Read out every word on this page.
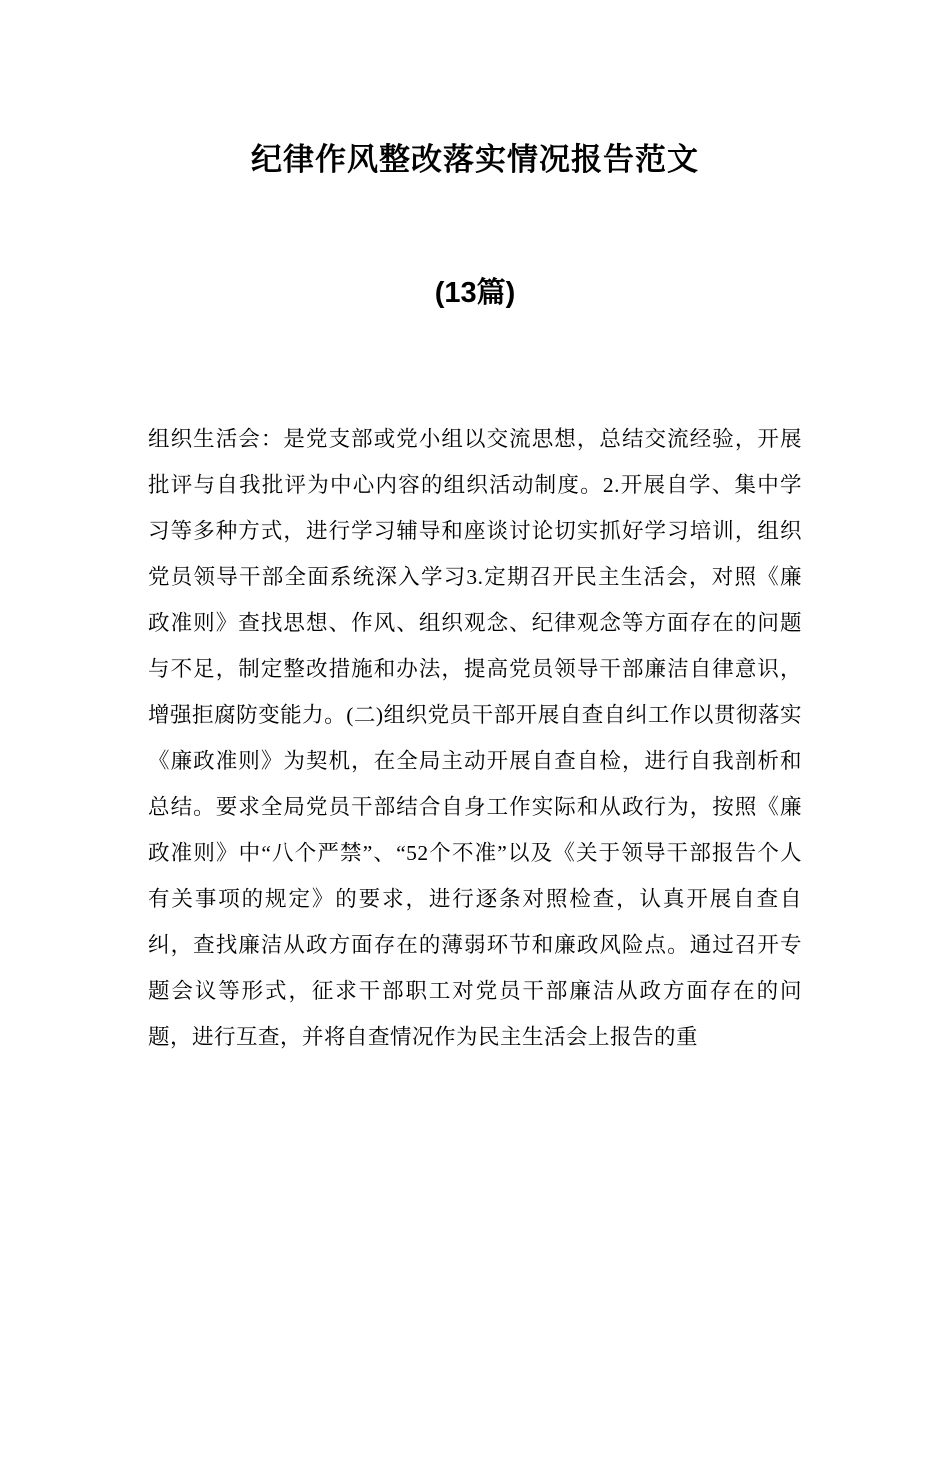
纪律作风整改落实情况报告范文
(13篇)
组织生活会：是党支部或党小组以交流思想，总结交流经验，开展批评与自我批评为中心内容的组织活动制度。2.开展自学、集中学习等多种方式，进行学习辅导和座谈讨论切实抓好学习培训，组织党员领导干部全面系统深入学习3.定期召开民主生活会，对照《廉政准则》查找思想、作风、组织观念、纪律观念等方面存在的问题与不足，制定整改措施和办法，提高党员领导干部廉洁自律意识，增强拒腐防变能力。(二)组织党员干部开展自查自纠工作以贯彻落实《廉政准则》为契机，在全局主动开展自查自检，进行自我剖析和总结。要求全局党员干部结合自身工作实际和从政行为，按照《廉政准则》中“八个严禁”、“52个不准”以及《关于领导干部报告个人有关事项的规定》的要求，进行逐条对照检查，认真开展自查自纠，查找廉洁从政方面存在的薄弱环节和廉政风险点。通过召开专题会议等形式，征求干部职工对党员干部廉洁从政方面存在的问题，进行互查，并将自查情况作为民主生活会上报告的重
